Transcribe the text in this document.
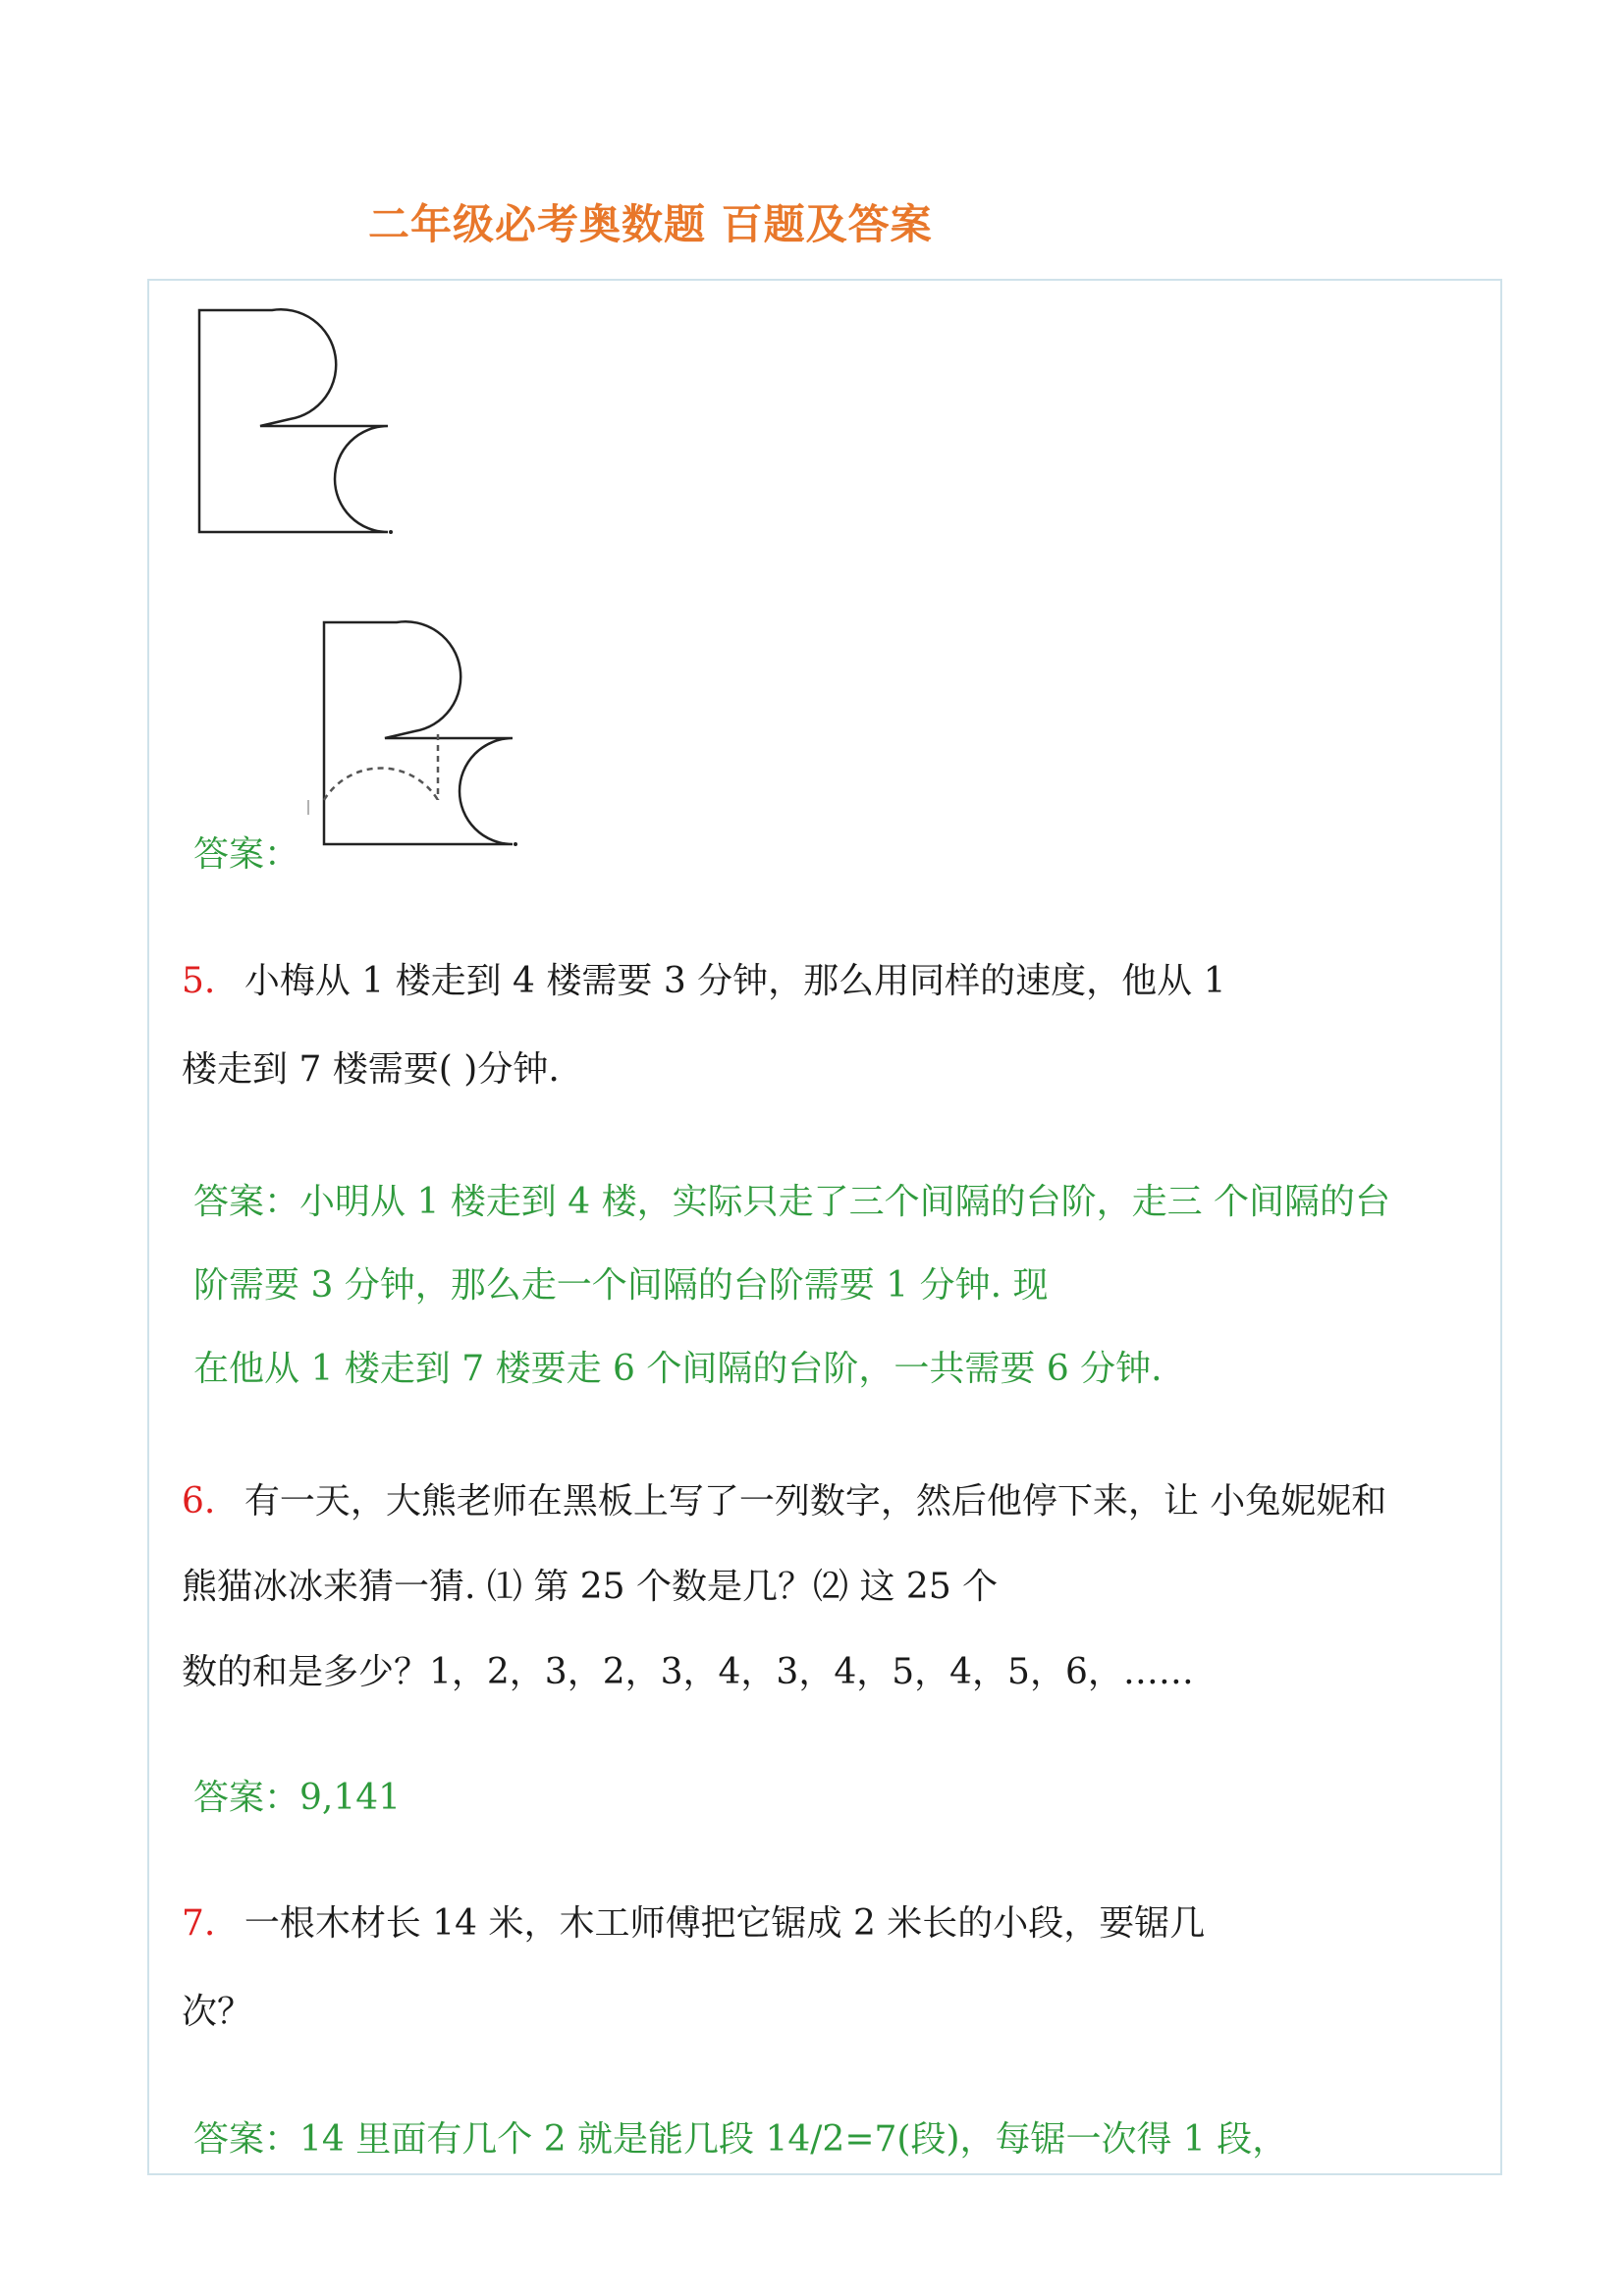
二年级必考奥数题 百题及答案
答案：
5. 小梅从 1 楼走到 4 楼需要 3 分钟，那么用同样的速度，他从 1
楼走到 7 楼需要( )分钟.
答案：小明从 1 楼走到 4 楼，实际只走了三个间隔的台阶，走三 个间隔的台
阶需要 3 分钟，那么走一个间隔的台阶需要 1 分钟. 现
在他从 1 楼走到 7 楼要走 6 个间隔的台阶，一共需要 6 分钟.
6. 有一天，大熊老师在黑板上写了一列数字，然后他停下来，让 小兔妮妮和
熊猫冰冰来猜一猜. ⑴ 第 25 个数是几？⑵ 这 25 个
数的和是多少？1，2，3，2，3，4，3，4，5，4，5，6，……
答案：9,141
7. 一根木材长 14 米，木工师傅把它锯成 2 米长的小段，要锯几
次？
答案：14 里面有几个 2 就是能几段 14/2=7(段)，每锯一次得 1 段，
